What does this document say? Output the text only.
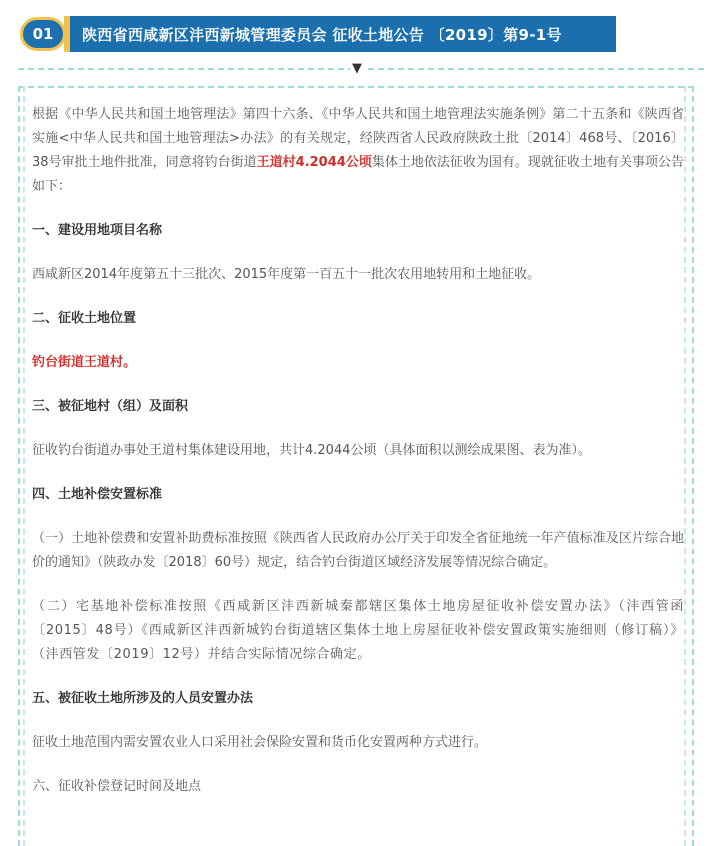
01	陕西省西咸新区沣西新城管理委员会 征收土地公告 〔2019〕第9-1号
▼

根据《中华人民共和国土地管理法》第四十六条、《中华人民共和国土地管理法实施条例》第二十五条和《陕西省实施<中华人民共和国土地管理法>办法》的有关规定，经陕西省人民政府陕政土批〔2014〕468号、〔2016〕38号审批土地件批准，同意将钓台街道王道村4.2044公顷集体土地依法征收为国有。现就征收土地有关事项公告如下：

一、建设用地项目名称

西咸新区2014年度第五十三批次、2015年度第一百五十一批次农用地转用和土地征收。

二、征收土地位置

钓台街道王道村。

三、被征地村（组）及面积

征收钓台街道办事处王道村集体建设用地，共计4.2044公顷（具体面积以测绘成果图、表为准）。

四、土地补偿安置标准

（一）土地补偿费和安置补助费标准按照《陕西省人民政府办公厅关于印发全省征地统一年产值标准及区片综合地价的通知》（陕政办发〔2018〕60号）规定，结合钓台街道区域经济发展等情况综合确定。

（二）宅基地补偿标准按照《西咸新区沣西新城秦都辖区集体土地房屋征收补偿安置办法》（沣西管函〔2015〕48号）《西咸新区沣西新城钓台街道辖区集体土地上房屋征收补偿安置政策实施细则（修订稿）》（沣西管发〔2019〕12号）并结合实际情况综合确定。

五、被征收土地所涉及的人员安置办法

征收土地范围内需安置农业人口采用社会保险安置和货币化安置两种方式进行。

六、征收补偿登记时间及地点
